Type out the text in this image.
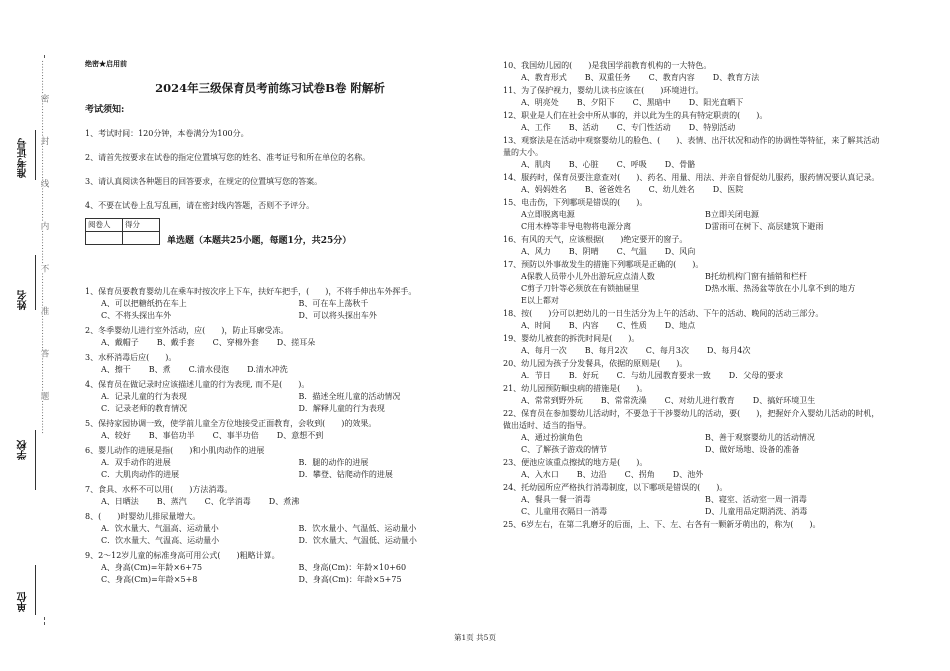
…………密…………封…………线…………内…………不…………准…………答…………题…………
准考证号
姓名
学校
单位
绝密★启用前
2024年三级保育员考前练习试卷B卷 附解析
考试须知:
1、考试时间：120分钟，本卷满分为100分。
2、请首先按要求在试卷的指定位置填写您的姓名、准考证号和所在单位的名称。
3、请认真阅读各种题目的回答要求，在规定的位置填写您的答案。
4、不要在试卷上乱写乱画，请在密封线内答题，否则不予评分。
阅卷人	得分

单选题（本题共25小题，每题1分，共25分）
1、保育员要教育婴幼儿在乘车时按次序上下车，扶好车把手，(　　)，不将手伸出车外挥手。
A、可以把糖纸扔在车上	B、可在车上荡秋千
C、不将头探出车外	D、可以将头探出车外
2、冬季婴幼儿进行室外活动，应(　　)，防止耳廓受冻。
A、戴帽子 B、戴手套 C、穿棉外套 D、搓耳朵
3、水杯消毒后应(　　)。
A、擦干 B、煮 C.清水侵泡 D.清水冲洗
4、保育员在做记录时应该描述儿童的行为表现, 而不是(　　)。
A．记录儿童的行为表现	B．描述全班儿童的活动情况
C．记录老师的教育情况	D．解释儿童的行为表现
5、保持家园协调一致，使学前儿童全方位地接受正面教育，会收到(　　)的效果。
A、较好 B、事倍功半 C、事半功倍 D、意想不到
6、婴儿动作的进展是指(　　)和小肌肉动作的进展
A．双手动作的进展	B．腿的动作的进展
C．大肌肉动作的进展	D．攀登、钻爬动作的进展
7、食具、水杯不可以用(　　)方法消毒。
A、日晒法 B、蒸汽 C、化学消毒 D、煮沸
8、(　　)时婴幼儿排尿量增大。
A．饮水量大、气温高、运动量小	B．饮水量小、气温低、运动量小
C．饮水量大、气温高、运动量小	D．饮水量大、气温低、运动量小
9、2～12岁儿童的标准身高可用公式(　　)粗略计算。
A、身高(Cm)=年龄×6+75	B、身高(Cm)：年龄×10+60
C、身高(Cm)=年龄×5+8	D、身高(Cm)：年龄×5+75
10、我国幼儿园的(　　)是我国学前教育机构的一大特色。
A、教育形式 B、双重任务 C、教育内容 D、教育方法
11、为了保护视力，婴幼儿读书应该在(　　)环境进行。
A、明亮处 B、夕阳下 C、黑暗中 D、阳光直晒下
12、职业是人们在社会中所从事的，并以此为生的具有特定职责的(　　)。
A、工作 B、活动 C、专门性活动 D、特别活动
13、观察法是在活动中观察婴幼儿的脸色、(　　)、表情、出汗状况和动作的协调性等特征，来了解其活动量的大小。
A、肌肉 B、心脏 C、呼吸 D、骨骼
14、服药时，保育员要注意查对(　　)、药名、用量、用法、并亲自督促幼儿服药，服药情况要认真记录。
A、妈妈姓名 B、爸爸姓名 C、幼儿姓名 D、医院
15、电击伤，下列哪项是错误的(　　)。
A立即脱离电源	B立即关闭电源
C用木棒等非导电物将电源分离	D雷雨可在树下、高层建筑下避雨
16、有风的天气，应该根据(　　)绝定要开的窗子。
A、风力 B、阴晴 C、气温 D、风向
17、预防以外事故发生的措施下列哪项是正确的(　　)。
A保教人员带小儿外出游玩应点清人数	B托幼机构门窗有插销和栏杆
C剪子刀针等必须放在有锁抽屉里	D热水瓶、热汤盆等放在小儿拿不到的地方
E以上都对
18、按(　　)分可以把幼儿的一日生活分为上午的活动、下午的活动、晚间的活动三部分。
A、时间 B、内容 C、性质 D、地点
19、婴幼儿被套的拆洗时间是(　　)。
A、每月一次 B、每月2次 C、每月3次 D、每月4次
20、幼儿园为孩子分发餐具，依据的原则是(　　)。
A．节日 B．好玩 C．与幼儿园教育要求一致 D．父母的要求
21、幼儿园预防蛔虫病的措施是(　　)。
A、常常到野外玩 B、常常洗澡 C、对幼儿进行教育 D、搞好环境卫生
22、保育员在参加婴幼儿活动时，不要急于干涉婴幼儿的活动，要(　　)，把握好介入婴幼儿活动的时机，做出适时、适当的指导。
A、通过扮演角色	B、善于观察婴幼儿的活动情况
C、了解孩子游戏的情节	D、做好场地、设备的准备
23、便池应该重点擦拭的地方是(　　)。
A、入水口 B、边沿 C、拐角 D、池外
24、托幼园所应严格执行消毒制度，以下哪项是错误的(　　)。
A、餐具一餐一消毒	B、寝室、活动室一周一消毒
C、儿童用衣隔日一消毒	D、儿童用品定期消洗、消毒
25、6岁左右，在第二乳磨牙的后面，上、下、左、右各有一颗新牙萌出的，称为(　　)。
第1页 共5页
